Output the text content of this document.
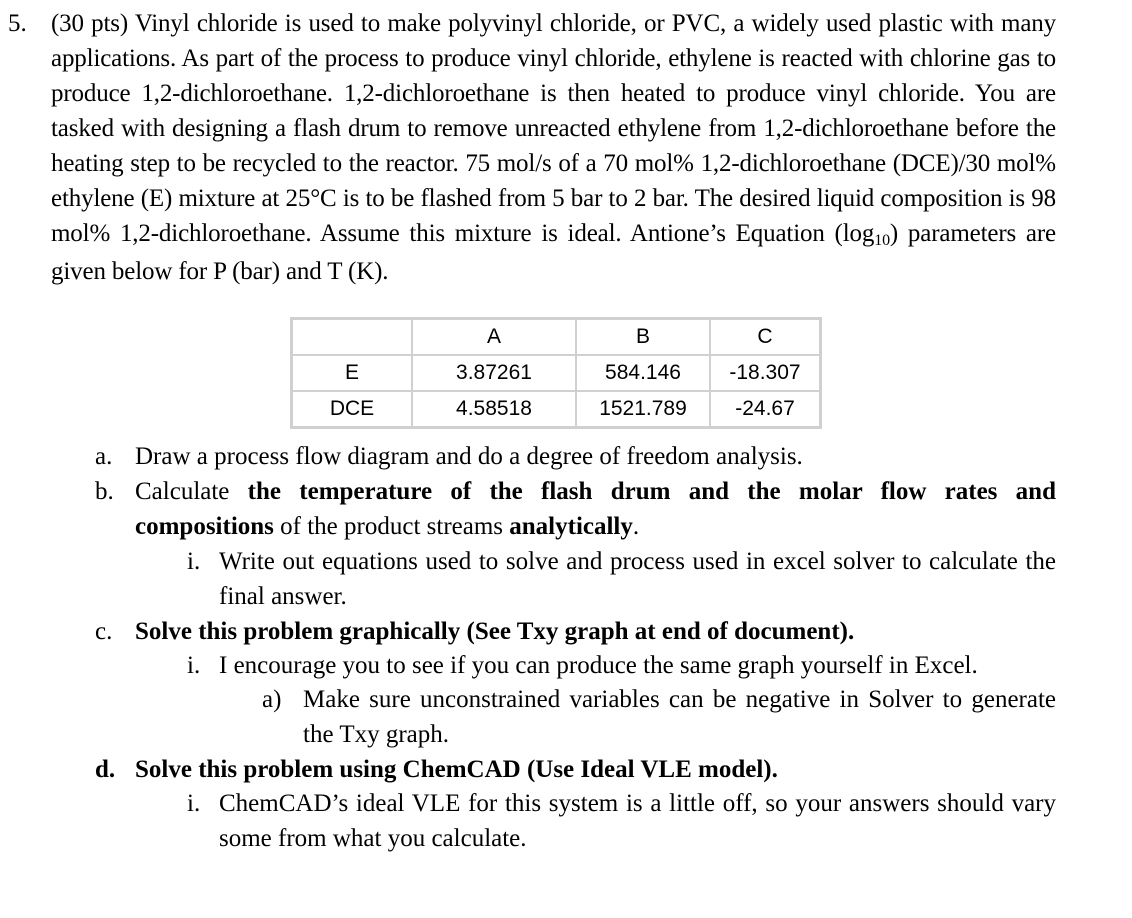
5. (30 pts) Vinyl chloride is used to make polyvinyl chloride, or PVC, a widely used plastic with many applications. As part of the process to produce vinyl chloride, ethylene is reacted with chlorine gas to produce 1,2-dichloroethane. 1,2-dichloroethane is then heated to produce vinyl chloride. You are tasked with designing a flash drum to remove unreacted ethylene from 1,2-dichloroethane before the heating step to be recycled to the reactor. 75 mol/s of a 70 mol% 1,2-dichloroethane (DCE)/30 mol% ethylene (E) mixture at 25°C is to be flashed from 5 bar to 2 bar. The desired liquid composition is 98 mol% 1,2-dichloroethane. Assume this mixture is ideal. Antione’s Equation (log10) parameters are given below for P (bar) and T (K).
	A	B	C
E	3.87261	584.146	-18.307
DCE	4.58518	1521.789	-24.67
a. Draw a process flow diagram and do a degree of freedom analysis.
b. Calculate the temperature of the flash drum and the molar flow rates and compositions of the product streams analytically.
i. Write out equations used to solve and process used in excel solver to calculate the final answer.
c. Solve this problem graphically (See Txy graph at end of document).
i. I encourage you to see if you can produce the same graph yourself in Excel.
a) Make sure unconstrained variables can be negative in Solver to generate the Txy graph.
d. Solve this problem using ChemCAD (Use Ideal VLE model).
i. ChemCAD’s ideal VLE for this system is a little off, so your answers should vary some from what you calculate.
